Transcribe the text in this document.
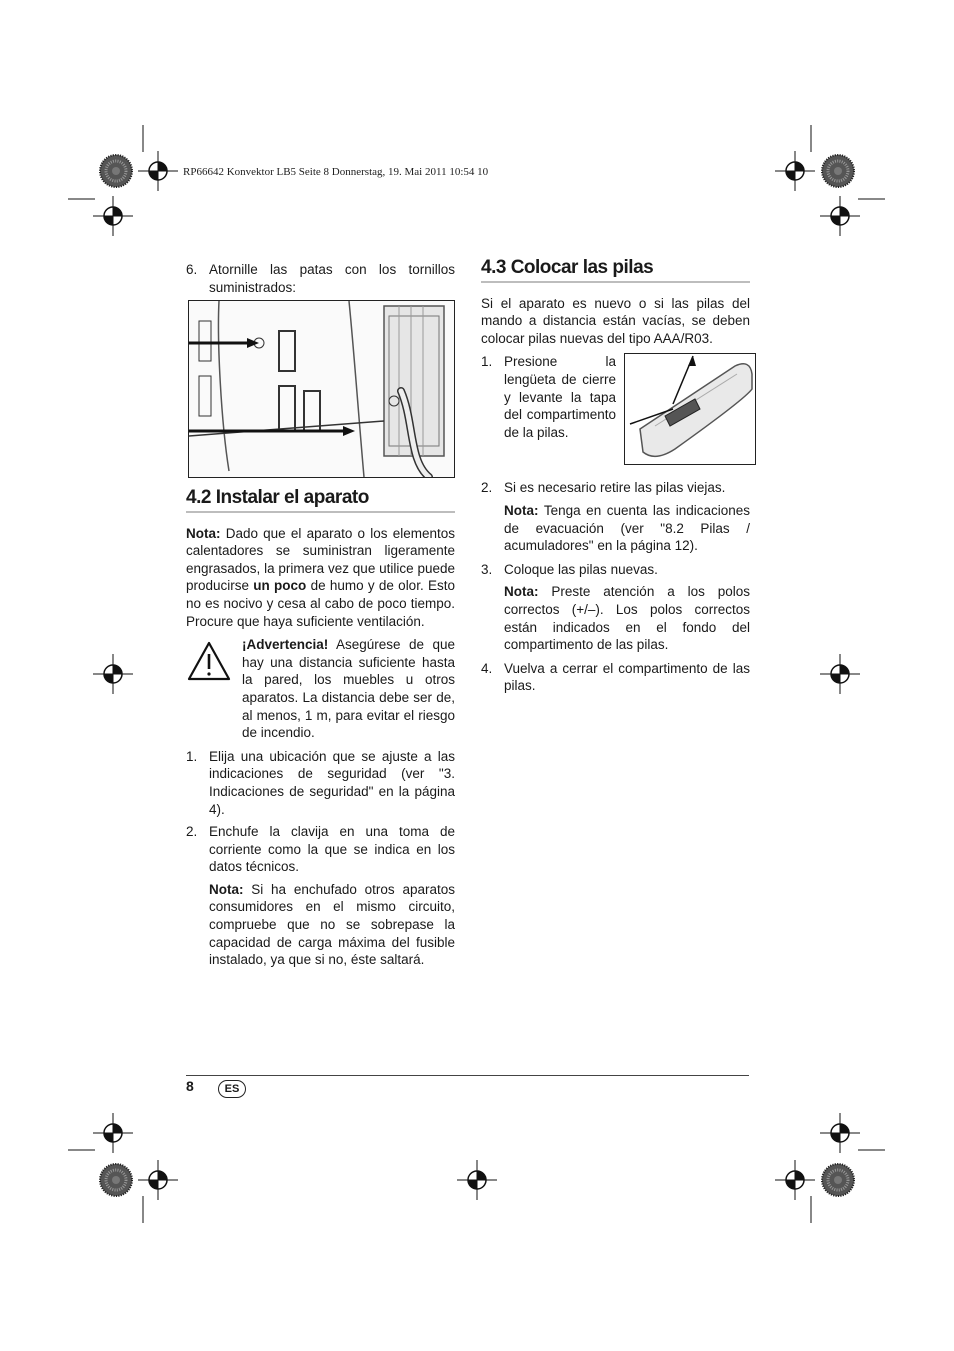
RP66642 Konvektor LB5 Seite 8 Donnerstag, 19. Mai 2011 10:54 10
6. Atornille las patas con los tornillos suministrados:
4.2 Instalar el aparato

Nota: Dado que el aparato o los elementos calentadores se suministran ligeramente engrasados, la primera vez que utilice puede producirse un poco de humo y de olor. Esto no es nocivo y cesa al cabo de poco tiempo. Procure que haya suficiente ventilación.

¡Advertencia! Asegúrese de que hay una distancia suficiente hasta la pared, los muebles u otros aparatos. La distancia debe ser de, al menos, 1 m, para evitar el riesgo de incendio.
1. Elija una ubicación que se ajuste a las indicaciones de seguridad (ver "3. Indicaciones de seguridad" en la página 4).
2. Enchufe la clavija en una toma de corriente como la que se indica en los datos técnicos.

Nota: Si ha enchufado otros aparatos consumidores en el mismo circuito, compruebe que no se sobrepase la capacidad de carga máxima del fusible instalado, ya que si no, éste saltará.

4.3 Colocar las pilas

Si el aparato es nuevo o si las pilas del mando a distancia están vacías, se deben colocar pilas nuevas del tipo AAA/R03.

1. Presione la lengüeta de cierre y levante la tapa del compartimento de la pilas.
2. Si es necesario retire las pilas viejas.

Nota: Tenga en cuenta las indicaciones de evacuación (ver "8.2 Pilas / acumuladores" en la página 12).

3. Coloque las pilas nuevas.

Nota: Preste atención a los polos correctos (+/–). Los polos correctos están indicados en el fondo del compartimento de las pilas.

4. Vuelva a cerrar el compartimento de las pilas.
8	ES
